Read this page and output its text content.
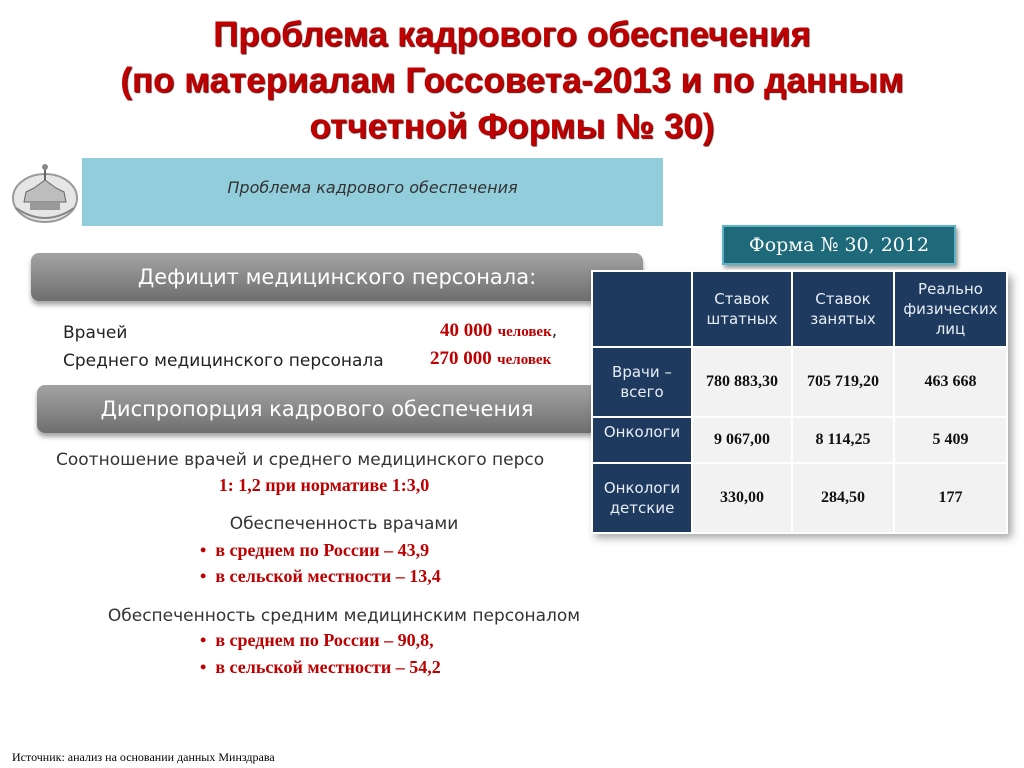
Проблема кадрового обеспечения
(по материалам Госсовета-2013 и по данным
отчетной Формы № 30)
Проблема кадрового обеспечения
Дефицит медицинского персонала:
Врачей	40 000 человек,
Среднего медицинского персонала 270 000 человек
Диспропорция кадрового обеспечения
Соотношение врачей и среднего медицинского персо
1: 1,2 при нормативе 1:3,0
Обеспеченность врачами
•  в среднем по России – 43,9
•  в сельской местности – 13,4
Обеспеченность средним медицинским персоналом
•  в среднем по России – 90,8,
•  в сельской местности – 54,2
Форма № 30, 2012
	Ставок штатных	Ставок занятых	Реально физических лиц
Врачи – всего	780 883,30	705 719,20	463 668
Онкологи	9 067,00	8 114,25	5 409
Онкологи детские	330,00	284,50	177
Источник: анализ на основании данных Минздрава
